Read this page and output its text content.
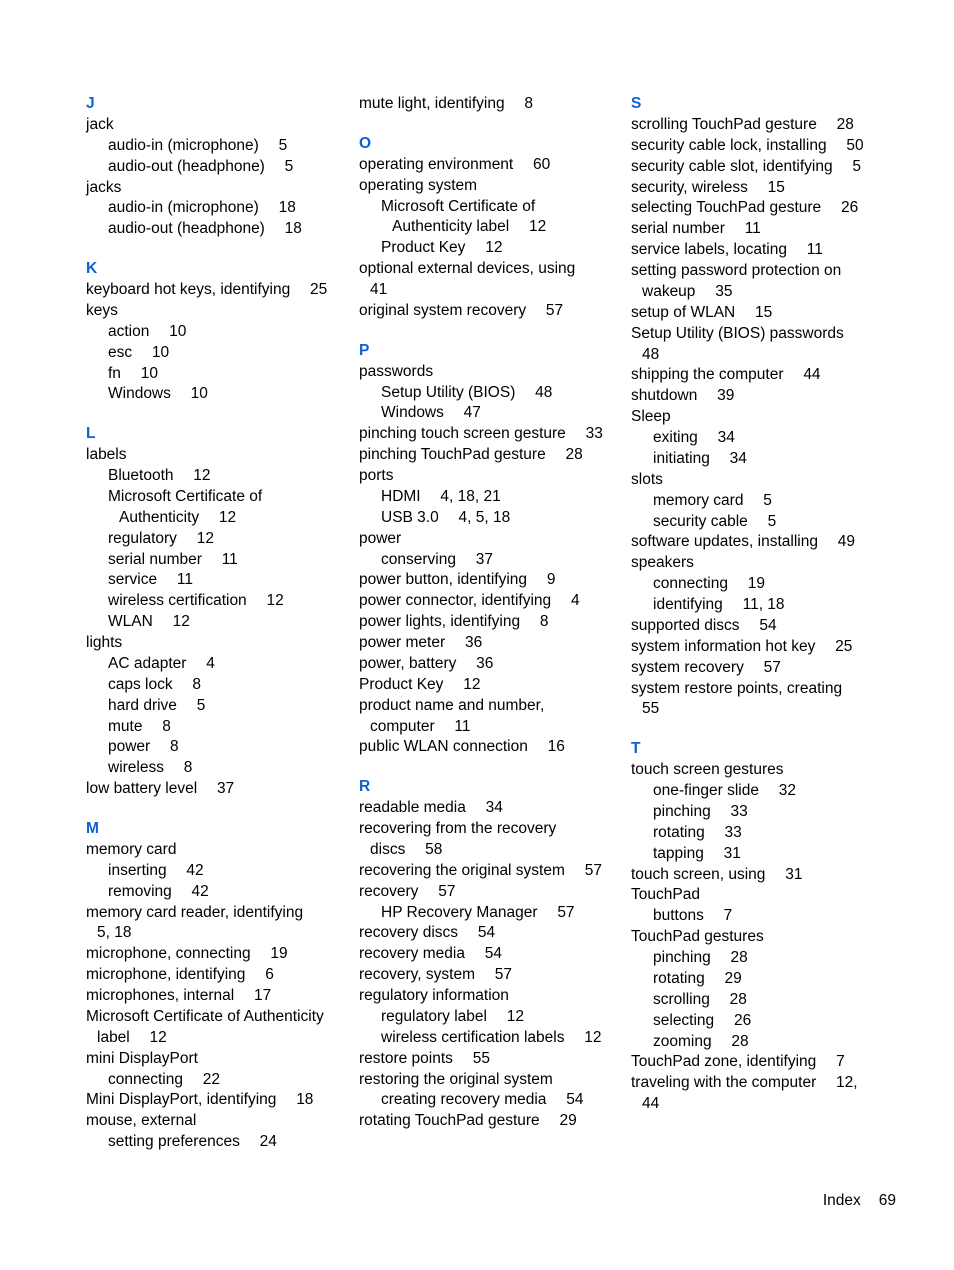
J
jack
audio-in (microphone)  5
audio-out (headphone)  5
jacks
audio-in (microphone)  18
audio-out (headphone)  18
K
keyboard hot keys, identifying  25
keys
action  10
esc  10
fn  10
Windows  10
L
labels
Bluetooth  12
Microsoft Certificate of
Authenticity  12
regulatory  12
serial number  11
service  11
wireless certification  12
WLAN  12
lights
AC adapter  4
caps lock  8
hard drive  5
mute  8
power  8
wireless  8
low battery level  37
M
memory card
inserting  42
removing  42
memory card reader, identifying
5, 18
microphone, connecting  19
microphone, identifying  6
microphones, internal  17
Microsoft Certificate of Authenticity
label  12
mini DisplayPort
connecting  22
Mini DisplayPort, identifying  18
mouse, external
setting preferences  24
mute light, identifying  8
O
operating environment  60
operating system
Microsoft Certificate of
Authenticity label  12
Product Key  12
optional external devices, using
41
original system recovery  57
P
passwords
Setup Utility (BIOS)  48
Windows  47
pinching touch screen gesture  33
pinching TouchPad gesture  28
ports
HDMI  4, 18, 21
USB 3.0  4, 5, 18
power
conserving  37
power button, identifying  9
power connector, identifying  4
power lights, identifying  8
power meter  36
power, battery  36
Product Key  12
product name and number,
computer  11
public WLAN connection  16
R
readable media  34
recovering from the recovery
discs  58
recovering the original system  57
recovery  57
HP Recovery Manager  57
recovery discs  54
recovery media  54
recovery, system  57
regulatory information
regulatory label  12
wireless certification labels  12
restore points  55
restoring the original system
creating recovery media  54
rotating TouchPad gesture  29
S
scrolling TouchPad gesture  28
security cable lock, installing  50
security cable slot, identifying  5
security, wireless  15
selecting TouchPad gesture  26
serial number  11
service labels, locating  11
setting password protection on
wakeup  35
setup of WLAN  15
Setup Utility (BIOS) passwords
48
shipping the computer  44
shutdown  39
Sleep
exiting  34
initiating  34
slots
memory card  5
security cable  5
software updates, installing  49
speakers
connecting  19
identifying  11, 18
supported discs  54
system information hot key  25
system recovery  57
system restore points, creating
55
T
touch screen gestures
one-finger slide  32
pinching  33
rotating  33
tapping  31
touch screen, using  31
TouchPad
buttons  7
TouchPad gestures
pinching  28
rotating  29
scrolling  28
selecting  26
zooming  28
TouchPad zone, identifying  7
traveling with the computer  12,
44
Index 69
